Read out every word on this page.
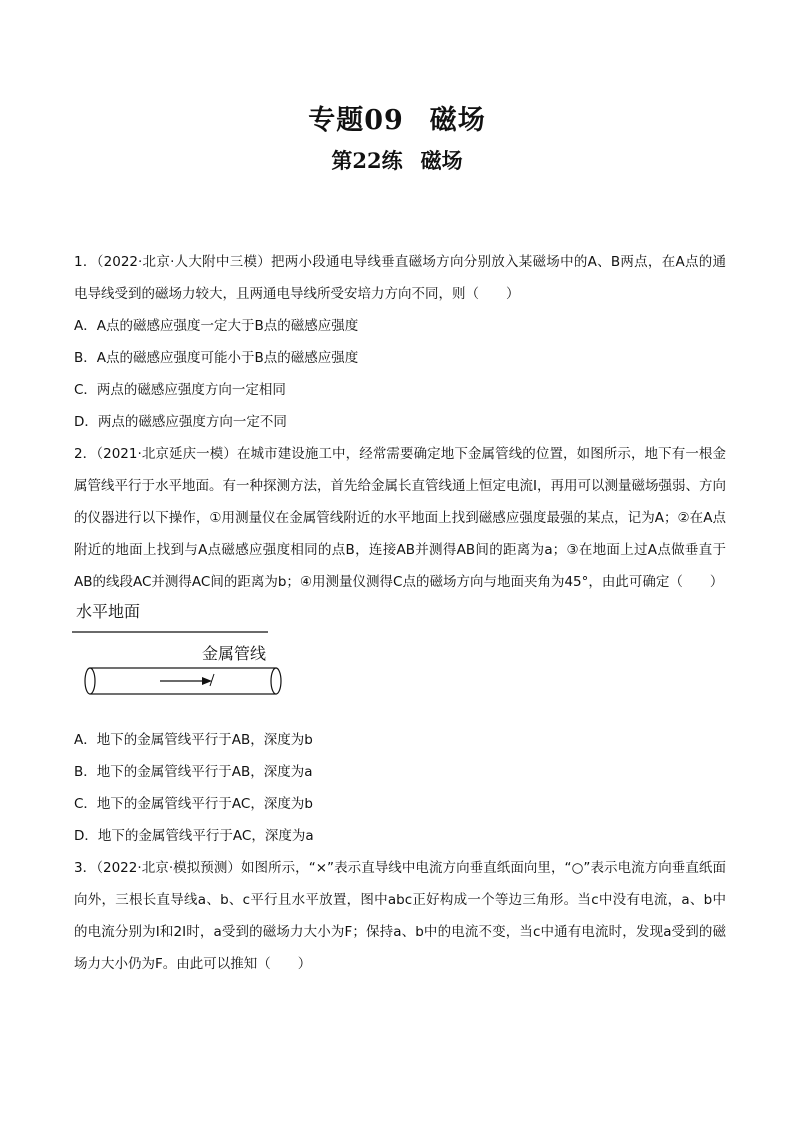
专题09 磁场
第22练 磁场
1．（2022·北京·人大附中三模）把两小段通电导线垂直磁场方向分别放入某磁场中的A、B两点，在A点的通电导线受到的磁场力较大，且两通电导线所受安培力方向不同，则（　　）
A．A点的磁感应强度一定大于B点的磁感应强度
B．A点的磁感应强度可能小于B点的磁感应强度
C．两点的磁感应强度方向一定相同
D．两点的磁感应强度方向一定不同
2．（2021·北京延庆一模）在城市建设施工中，经常需要确定地下金属管线的位置，如图所示，地下有一根金属管线平行于水平地面。有一种探测方法，首先给金属长直管线通上恒定电流I，再用可以测量磁场强弱、方向的仪器进行以下操作，①用测量仪在金属管线附近的水平地面上找到磁感应强度最强的某点，记为A；②在A点附近的地面上找到与A点磁感应强度相同的点B，连接AB并测得AB间的距离为a；③在地面上过A点做垂直于AB的线段AC并测得AC间的距离为b；④用测量仪测得C点的磁场方向与地面夹角为45°，由此可确定（　　）
水平地面
金属管线
A．地下的金属管线平行于AB，深度为b
B．地下的金属管线平行于AB，深度为a
C．地下的金属管线平行于AC，深度为b
D．地下的金属管线平行于AC，深度为a
3．（2022·北京·模拟预测）如图所示，“×”表示直导线中电流方向垂直纸面向里，“○”表示电流方向垂直纸面向外，三根长直导线a、b、c平行且水平放置，图中abc正好构成一个等边三角形。当c中没有电流，a、b中的电流分别为I和2I时，a受到的磁场力大小为F；保持a、b中的电流不变，当c中通有电流时，发现a受到的磁场力大小仍为F。由此可以推知（　　）
